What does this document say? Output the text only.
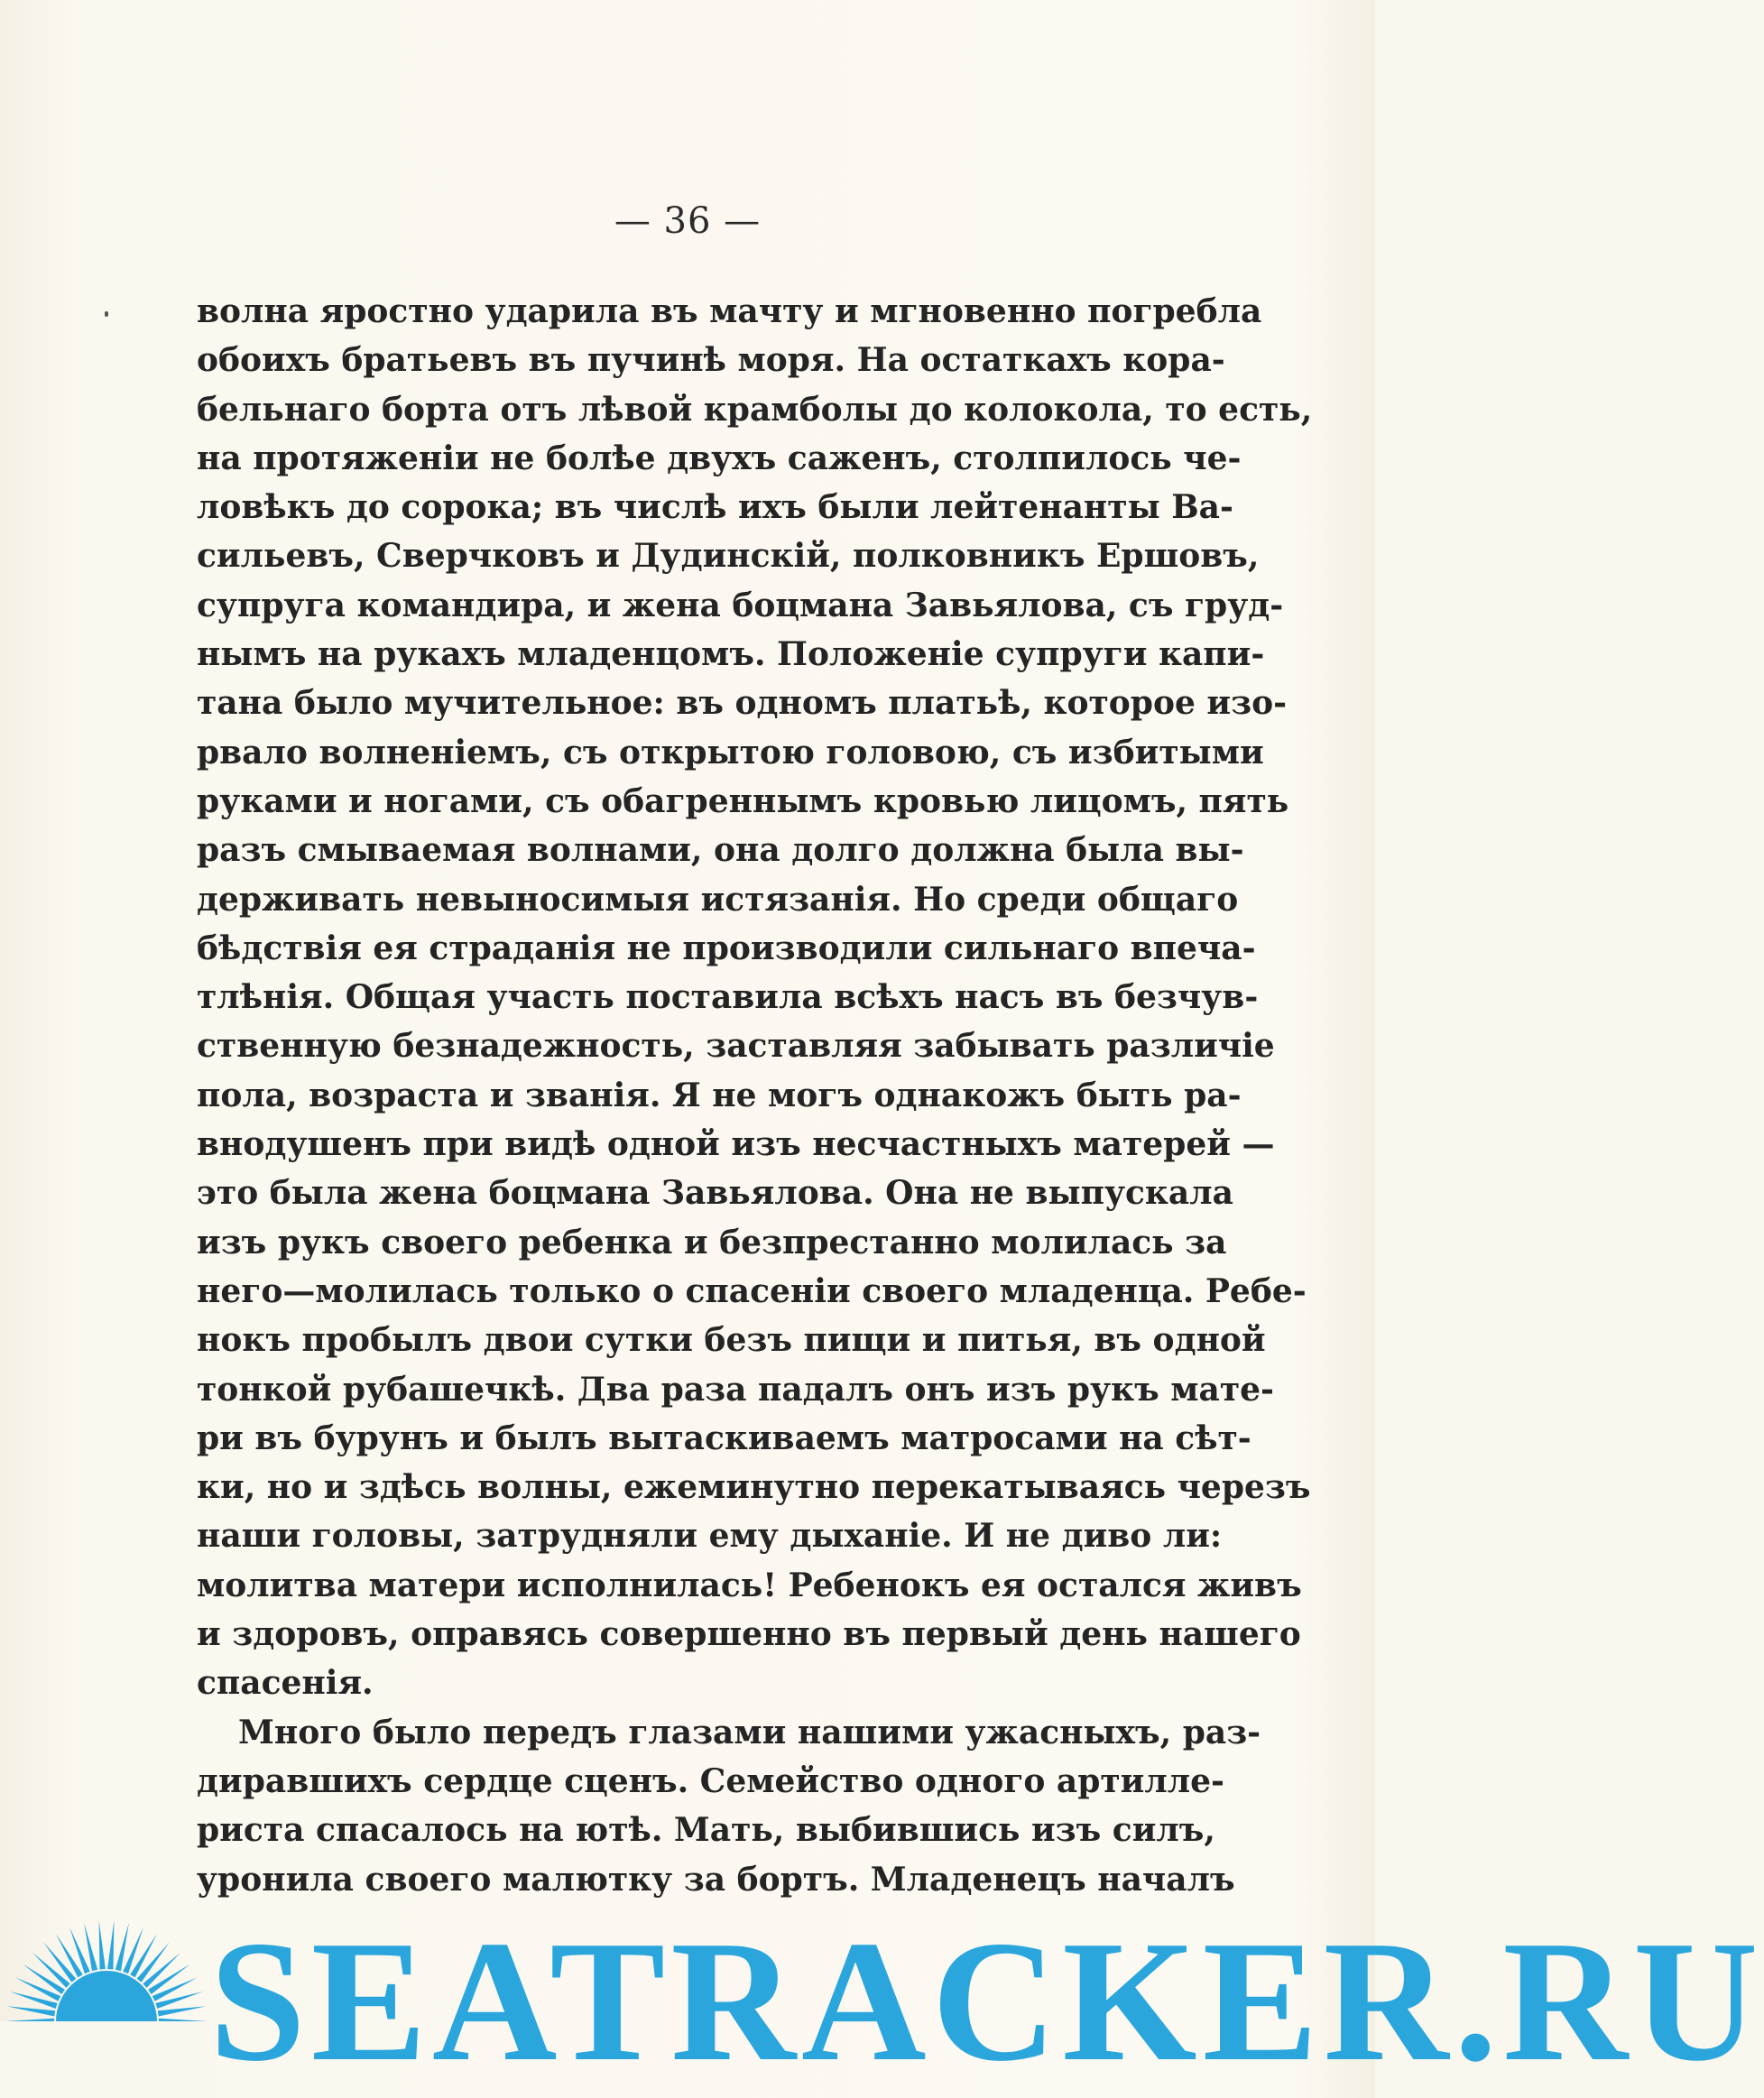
— 36 —
волна яростно ударила въ мачту и мгновенно погребла
обоихъ братьевъ въ пучинѣ моря. На остаткахъ кора-
бельнаго борта отъ лѣвой крамболы до колокола, то есть,
на протяженіи не болѣе двухъ саженъ, столпилось че-
ловѣкъ до сорока; въ числѣ ихъ были лейтенанты Ва-
сильевъ, Сверчковъ и Дудинскій, полковникъ Ершовъ,
супруга командира, и жена боцмана Завьялова, съ груд-
нымъ на рукахъ младенцомъ. Положеніе супруги капи-
тана было мучительное: въ одномъ платьѣ, которое изо-
рвало волненіемъ, съ открытою головою, съ избитыми
руками и ногами, съ обагреннымъ кровью лицомъ, пять
разъ смываемая волнами, она долго должна была вы-
держивать невыносимыя истязанія. Но среди общаго
бѣдствія ея страданія не производили сильнаго впеча-
тлѣнія. Общая участь поставила всѣхъ насъ въ безчув-
ственную безнадежность, заставляя забывать различіе
пола, возраста и званія. Я не могъ однакожъ быть ра-
внодушенъ при видѣ одной изъ несчастныхъ матерей —
это была жена боцмана Завьялова. Она не выпускала
изъ рукъ своего ребенка и безпрестанно молилась за
него—молилась только о спасеніи своего младенца. Ребе-
нокъ пробылъ двои сутки безъ пищи и питья, въ одной
тонкой рубашечкѣ. Два раза падалъ онъ изъ рукъ мате-
ри въ бурунъ и былъ вытаскиваемъ матросами на сѣт-
ки, но и здѣсь волны, ежеминутно перекатываясь черезъ
наши головы, затрудняли ему дыханіе. И не диво ли:
молитва матери исполнилась! Ребенокъ ея остался живъ
и здоровъ, оправясь совершенно въ первый день нашего
спасенія.
Много было передъ глазами нашими ужасныхъ, раз-
диравшихъ сердце сценъ. Семейство одного артилле-
риста спасалось на ютѣ. Мать, выбившись изъ силъ,
уронила своего малютку за бортъ. Младенецъ началъ
SEATRACKER.RU
